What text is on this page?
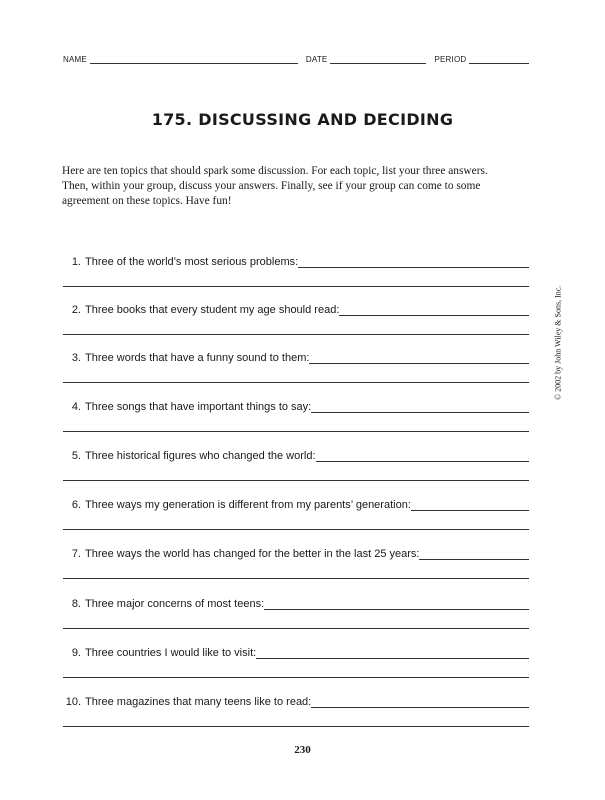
NAME	DATE	PERIOD
175. DISCUSSING AND DECIDING
Here are ten topics that should spark some discussion. For each topic, list your three answers. Then, within your group, discuss your answers. Finally, see if your group can come to some agreement on these topics. Have fun!
© 2002 by John Wiley & Sons, Inc.
1. Three of the world’s most serious problems:
2. Three books that every student my age should read:
3. Three words that have a funny sound to them:
4. Three songs that have important things to say:
5. Three historical figures who changed the world:
6. Three ways my generation is different from my parents’ generation:
7. Three ways the world has changed for the better in the last 25 years:
8. Three major concerns of most teens:
9. Three countries I would like to visit:
10. Three magazines that many teens like to read:
230
